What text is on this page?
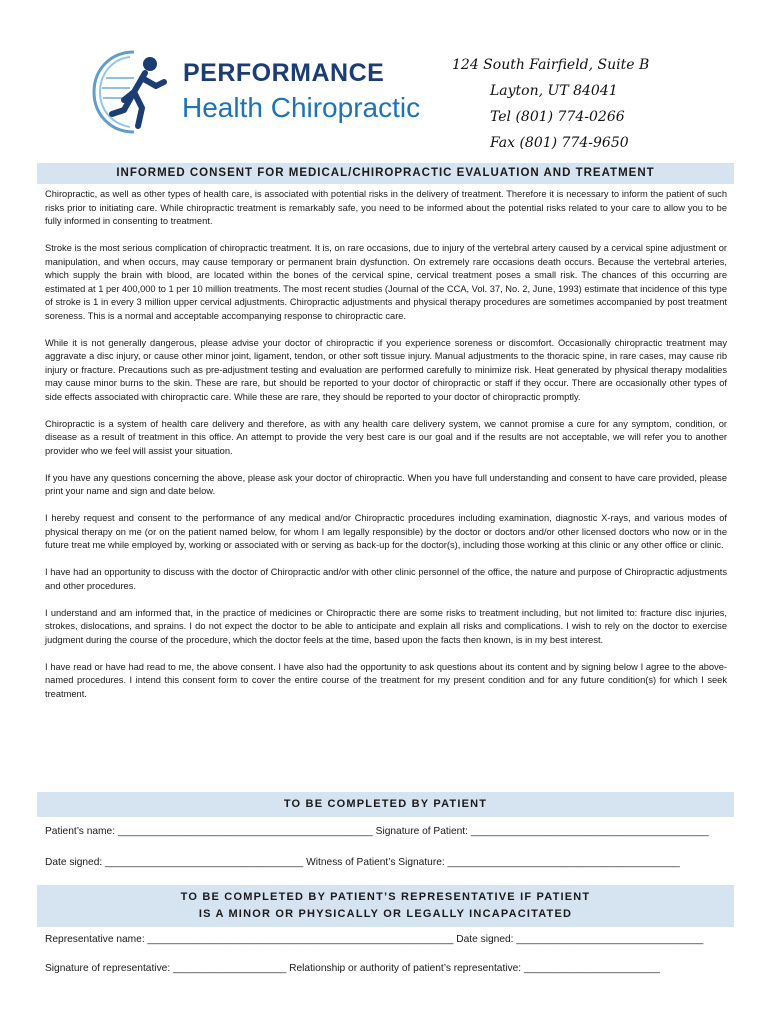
PERFORMANCE
Health Chiropractic
124 South Fairfield, Suite B
Layton, UT 84041
Tel (801) 774-0266
Fax (801) 774-9650
INFORMED CONSENT FOR MEDICAL/CHIROPRACTIC EVALUATION AND TREATMENT

Chiropractic, as well as other types of health care, is associated with potential risks in the delivery of treatment. Therefore it is necessary to inform the patient of such risks prior to initiating care. While chiropractic treatment is remarkably safe, you need to be informed about the potential risks related to your care to allow you to be fully informed in consenting to treatment.

Stroke is the most serious complication of chiropractic treatment. It is, on rare occasions, due to injury of the vertebral artery caused by a cervical spine adjustment or manipulation, and when occurs, may cause temporary or permanent brain dysfunction. On extremely rare occasions death occurs. Because the vertebral arteries, which supply the brain with blood, are located within the bones of the cervical spine, cervical treatment poses a small risk. The chances of this occurring are estimated at 1 per 400,000 to 1 per 10 million treatments. The most recent studies (Journal of the CCA, Vol. 37, No. 2, June, 1993) estimate that incidence of this type of stroke is 1 in every 3 million upper cervical adjustments. Chiropractic adjustments and physical therapy procedures are sometimes accompanied by post treatment soreness. This is a normal and acceptable accompanying response to chiropractic care.

While it is not generally dangerous, please advise your doctor of chiropractic if you experience soreness or discomfort. Occasionally chiropractic treatment may aggravate a disc injury, or cause other minor joint, ligament, tendon, or other soft tissue injury. Manual adjustments to the thoracic spine, in rare cases, may cause rib injury or fracture. Precautions such as pre-adjustment testing and evaluation are performed carefully to minimize risk. Heat generated by physical therapy modalities may cause minor burns to the skin. These are rare, but should be reported to your doctor of chiropractic or staff if they occur. There are occasionally other types of side effects associated with chiropractic care. While these are rare, they should be reported to your doctor of chiropractic promptly.

Chiropractic is a system of health care delivery and therefore, as with any health care delivery system, we cannot promise a cure for any symptom, condition, or disease as a result of treatment in this office. An attempt to provide the very best care is our goal and if the results are not acceptable, we will refer you to another provider who we feel will assist your situation.

If you have any questions concerning the above, please ask your doctor of chiropractic. When you have full understanding and consent to have care provided, please print your name and sign and date below.

I hereby request and consent to the performance of any medical and/or Chiropractic procedures including examination, diagnostic X-rays, and various modes of physical therapy on me (or on the patient named below, for whom I am legally responsible) by the doctor or doctors and/or other licensed doctors who now or in the future treat me while employed by, working or associated with or serving as back-up for the doctor(s), including those working at this clinic or any other office or clinic.

I have had an opportunity to discuss with the doctor of Chiropractic and/or with other clinic personnel of the office, the nature and purpose of Chiropractic adjustments and other procedures.

I understand and am informed that, in the practice of medicines or Chiropractic there are some risks to treatment including, but not limited to: fracture disc injuries, strokes, dislocations, and sprains. I do not expect the doctor to be able to anticipate and explain all risks and complications. I wish to rely on the doctor to exercise judgment during the course of the procedure, which the doctor feels at the time, based upon the facts then known, is in my best interest.

I have read or have had read to me, the above consent. I have also had the opportunity to ask questions about its content and by signing below I agree to the above-named procedures. I intend this consent form to cover the entire course of the treatment for my present condition and for any future condition(s) for which I seek treatment.

TO BE COMPLETED BY PATIENT
Patient’s name: _____________________________________________ Signature of Patient: __________________________________________
Date signed: ___________________________________ Witness of Patient’s Signature: _________________________________________
TO BE COMPLETED BY PATIENT’S REPRESENTATIVE IF PATIENT
IS A MINOR OR PHYSICALLY OR LEGALLY INCAPACITATED
Representative name: ______________________________________________________ Date signed: _________________________________
Signature of representative: ____________________ Relationship or authority of patient’s representative: ________________________
